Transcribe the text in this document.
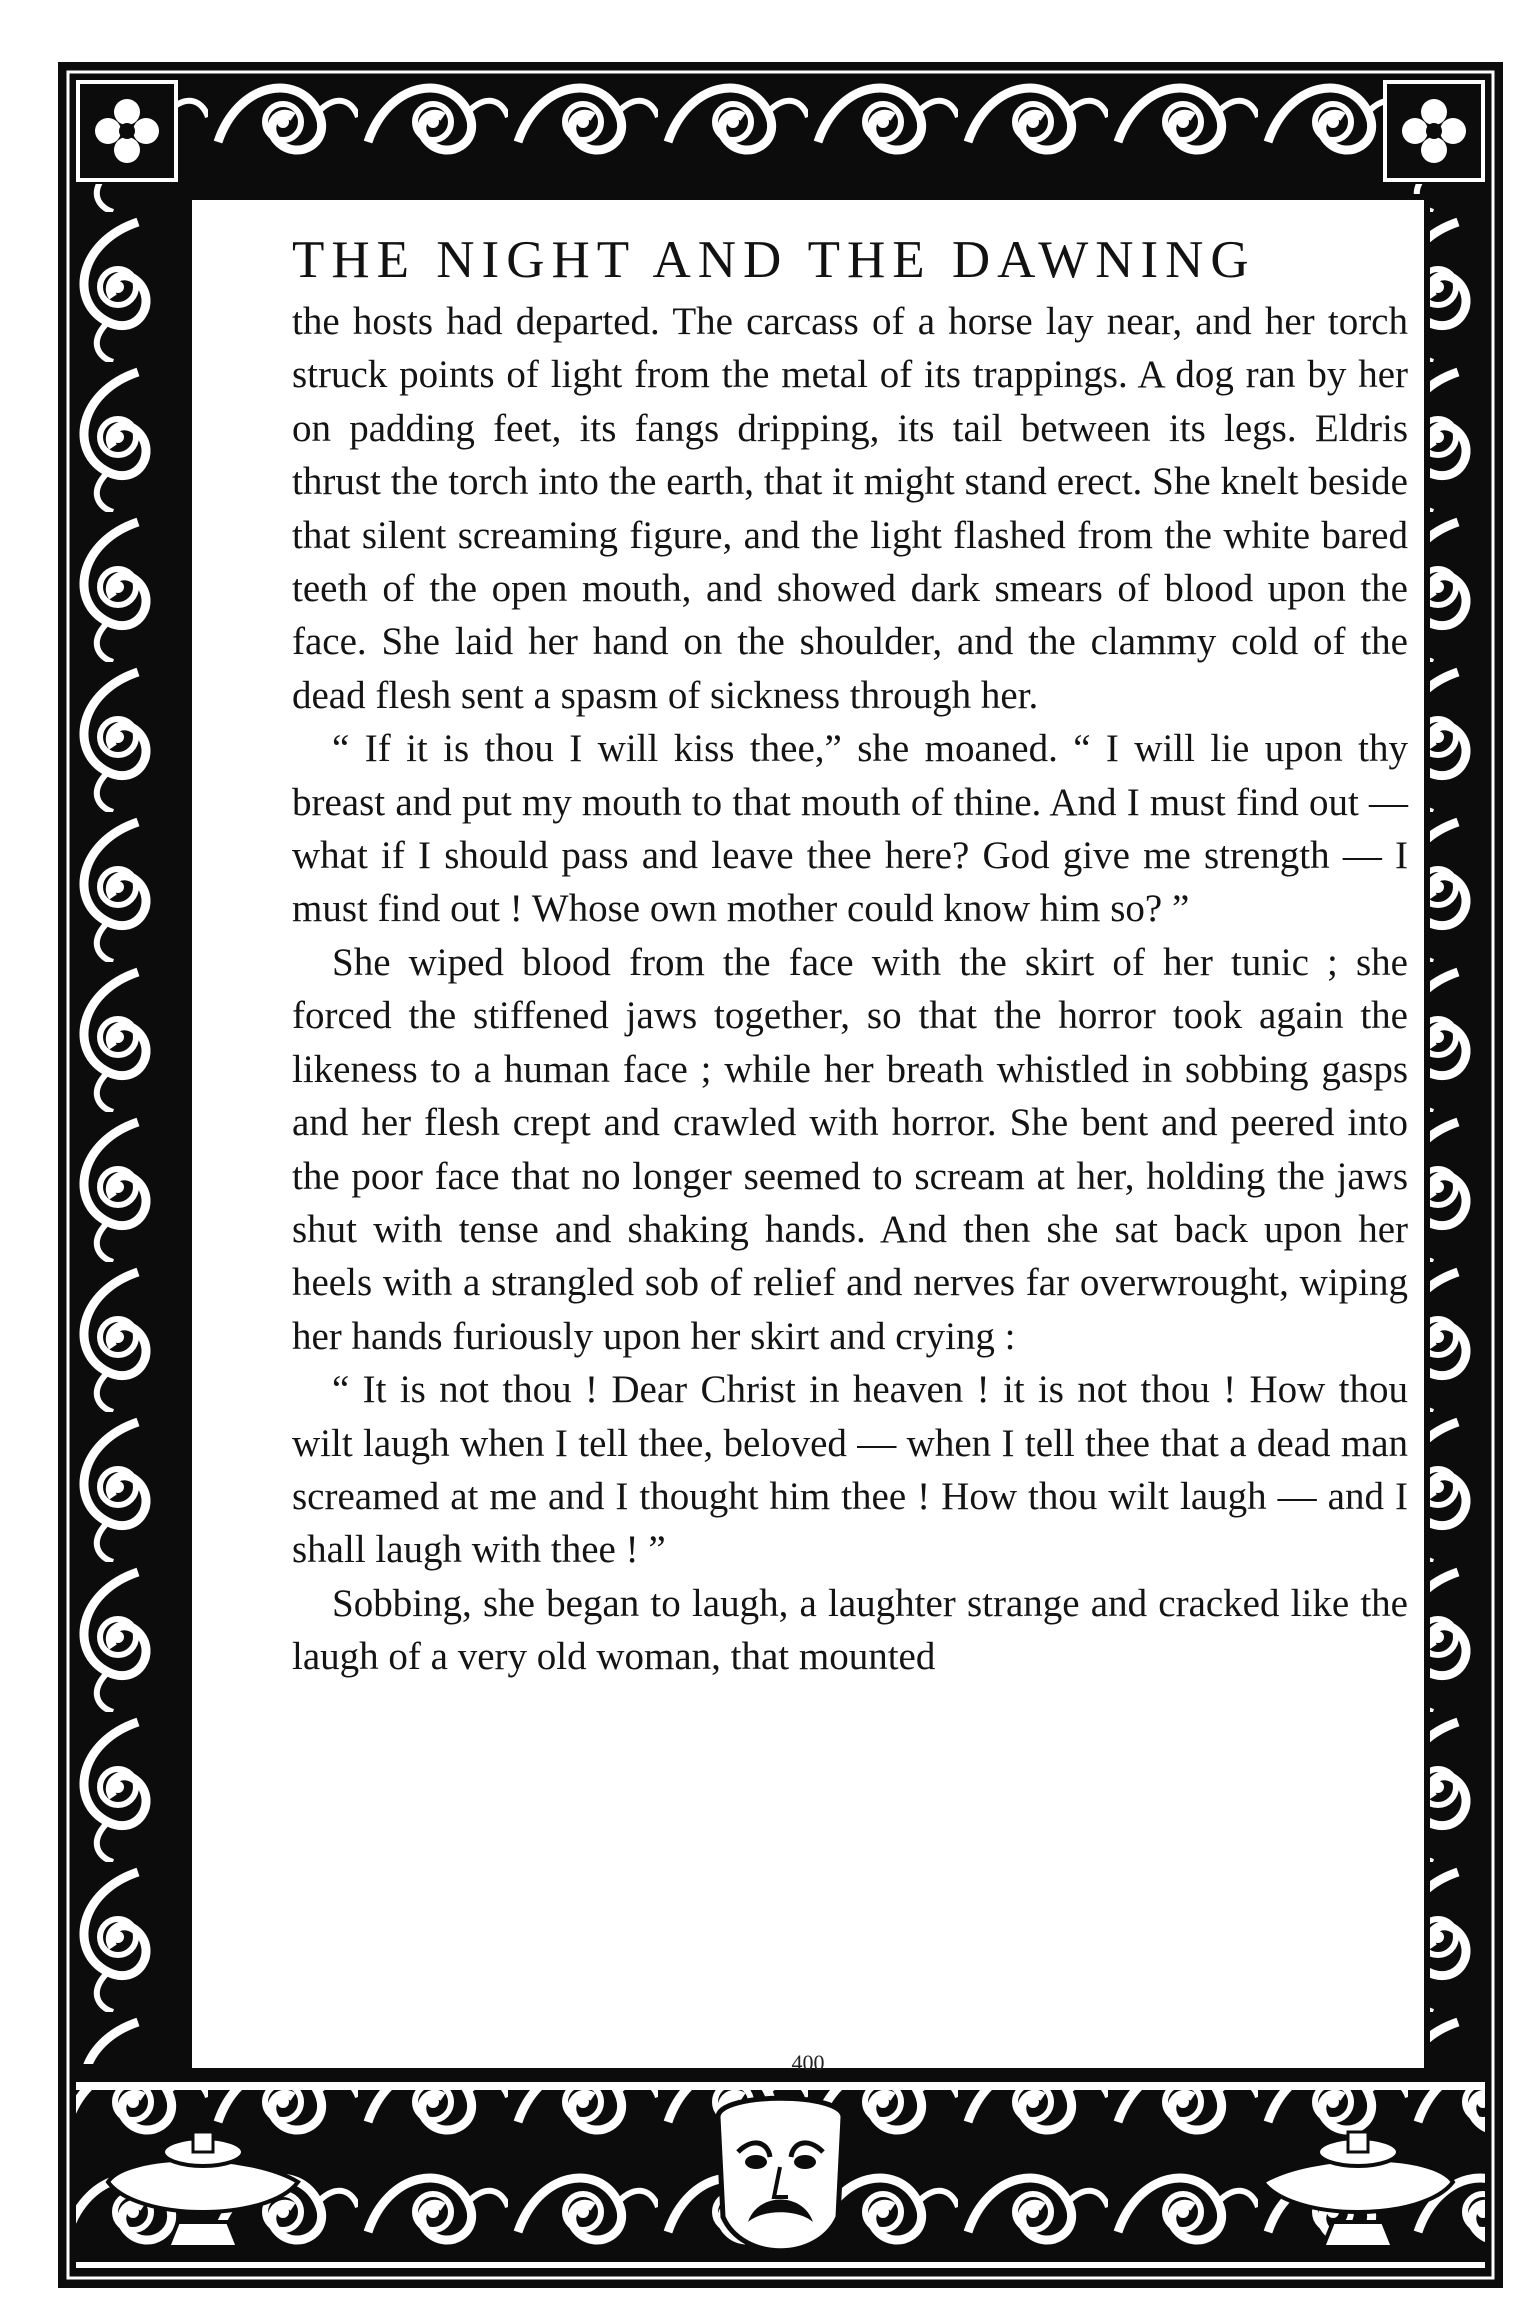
THE NIGHT AND THE DAWNING

the hosts had departed. The carcass of a horse lay near, and her torch struck points of light from the metal of its trappings. A dog ran by her on padding feet, its fangs dripping, its tail between its legs. Eldris thrust the torch into the earth, that it might stand erect. She knelt beside that silent screaming figure, and the light flashed from the white bared teeth of the open mouth, and showed dark smears of blood upon the face. She laid her hand on the shoulder, and the clammy cold of the dead flesh sent a spasm of sickness through her.

“ If it is thou I will kiss thee,” she moaned. “ I will lie upon thy breast and put my mouth to that mouth of thine. And I must find out — what if I should pass and leave thee here? God give me strength — I must find out ! Whose own mother could know him so? ”

She wiped blood from the face with the skirt of her tunic ; she forced the stiffened jaws together, so that the horror took again the likeness to a human face ; while her breath whistled in sobbing gasps and her flesh crept and crawled with horror. She bent and peered into the poor face that no longer seemed to scream at her, holding the jaws shut with tense and shaking hands. And then she sat back upon her heels with a strangled sob of relief and nerves far overwrought, wiping her hands furiously upon her skirt and crying :

“ It is not thou ! Dear Christ in heaven ! it is not thou ! How thou wilt laugh when I tell thee, beloved — when I tell thee that a dead man screamed at me and I thought him thee ! How thou wilt laugh — and I shall laugh with thee ! ”

Sobbing, she began to laugh, a laughter strange and cracked like the laugh of a very old woman, that mounted

400
